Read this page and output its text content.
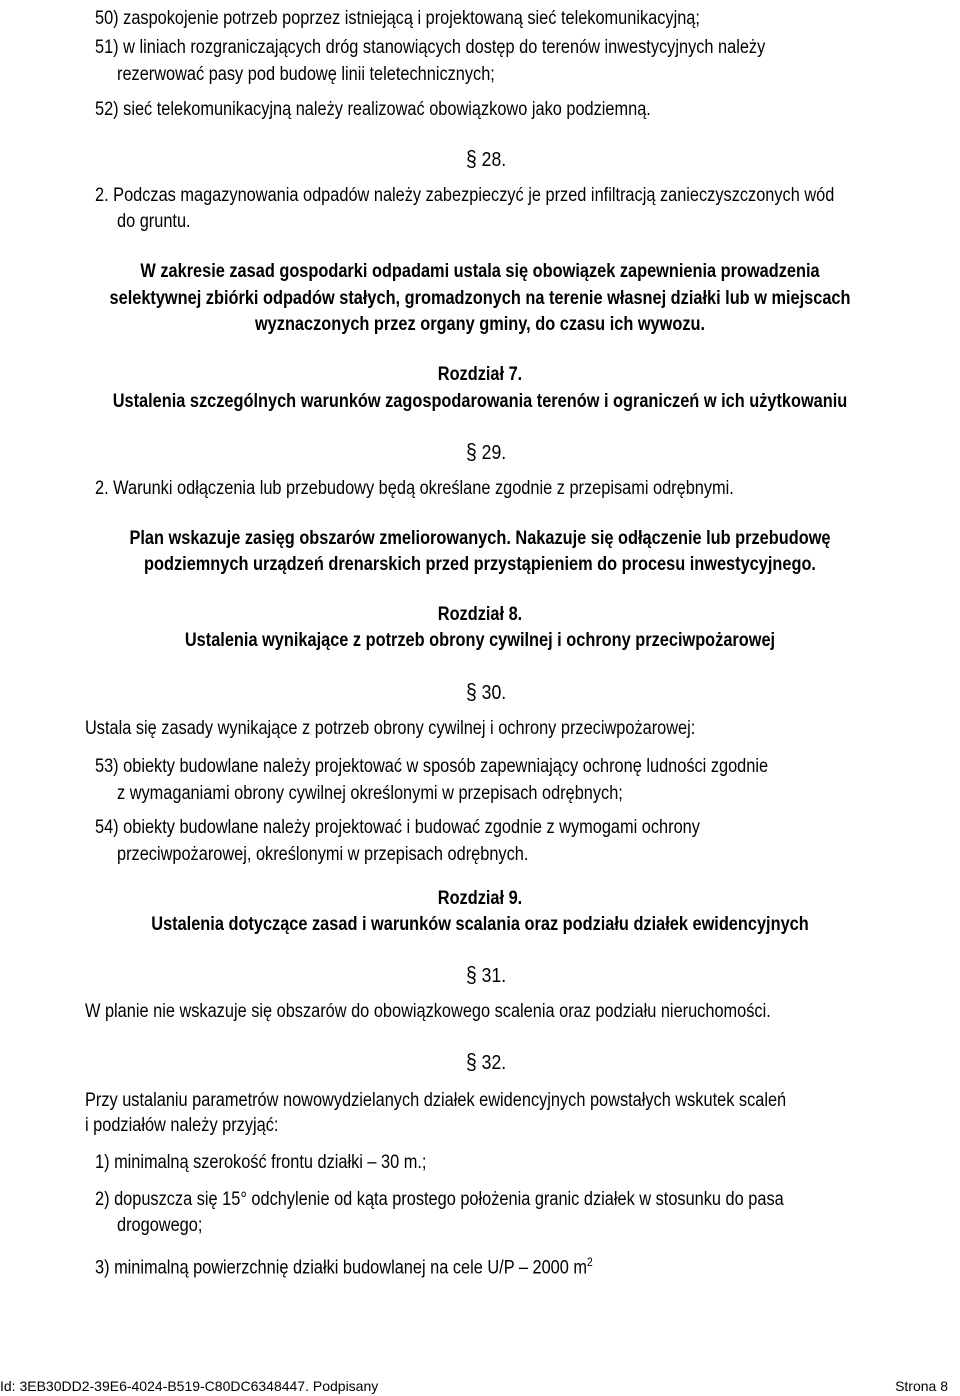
50) zaspokojenie potrzeb poprzez istniejącą i projektowaną sieć telekomunikacyjną;
51) w liniach rozgraniczających dróg stanowiących dostęp do terenów inwestycyjnych należy
rezerwować pasy pod budowę linii teletechnicznych;
52) sieć telekomunikacyjną należy realizować obowiązkowo jako podziemną.
§ 28.
2. Podczas magazynowania odpadów należy zabezpieczyć je przed infiltracją zanieczyszczonych wód
do gruntu.
W zakresie zasad gospodarki odpadami ustala się obowiązek zapewnienia prowadzenia
selektywnej zbiórki odpadów stałych, gromadzonych na terenie własnej działki lub w miejscach
wyznaczonych przez organy gminy, do czasu ich wywozu.
Rozdział 7.
Ustalenia szczególnych warunków zagospodarowania terenów i ograniczeń w ich użytkowaniu
§ 29.
2. Warunki odłączenia lub przebudowy będą określane zgodnie z przepisami odrębnymi.
Plan wskazuje zasięg obszarów zmeliorowanych. Nakazuje się odłączenie lub przebudowę
podziemnych urządzeń drenarskich przed przystąpieniem do procesu inwestycyjnego.
Rozdział 8.
Ustalenia wynikające z potrzeb obrony cywilnej i ochrony przeciwpożarowej
§ 30.
Ustala się zasady wynikające z potrzeb obrony cywilnej i ochrony przeciwpożarowej:
53) obiekty budowlane należy projektować w sposób zapewniający ochronę ludności zgodnie
z wymaganiami obrony cywilnej określonymi w przepisach odrębnych;
54) obiekty budowlane należy projektować i budować zgodnie z wymogami ochrony
przeciwpożarowej, określonymi w przepisach odrębnych.
Rozdział 9.
Ustalenia dotyczące zasad i warunków scalania oraz podziału działek ewidencyjnych
§ 31.
W planie nie wskazuje się obszarów do obowiązkowego scalenia oraz podziału nieruchomości.
§ 32.
Przy ustalaniu parametrów nowowydzielanych działek ewidencyjnych powstałych wskutek scaleń
i podziałów należy przyjąć:
1) minimalną szerokość frontu działki – 30 m.;
2) dopuszcza się 15° odchylenie od kąta prostego położenia granic działek w stosunku do pasa
drogowego;
3) minimalną powierzchnię działki budowlanej na cele U/P – 2000 $m^2$
Id: 3EB30DD2-39E6-4024-B519-C80DC6348447. Podpisany	Strona 8
